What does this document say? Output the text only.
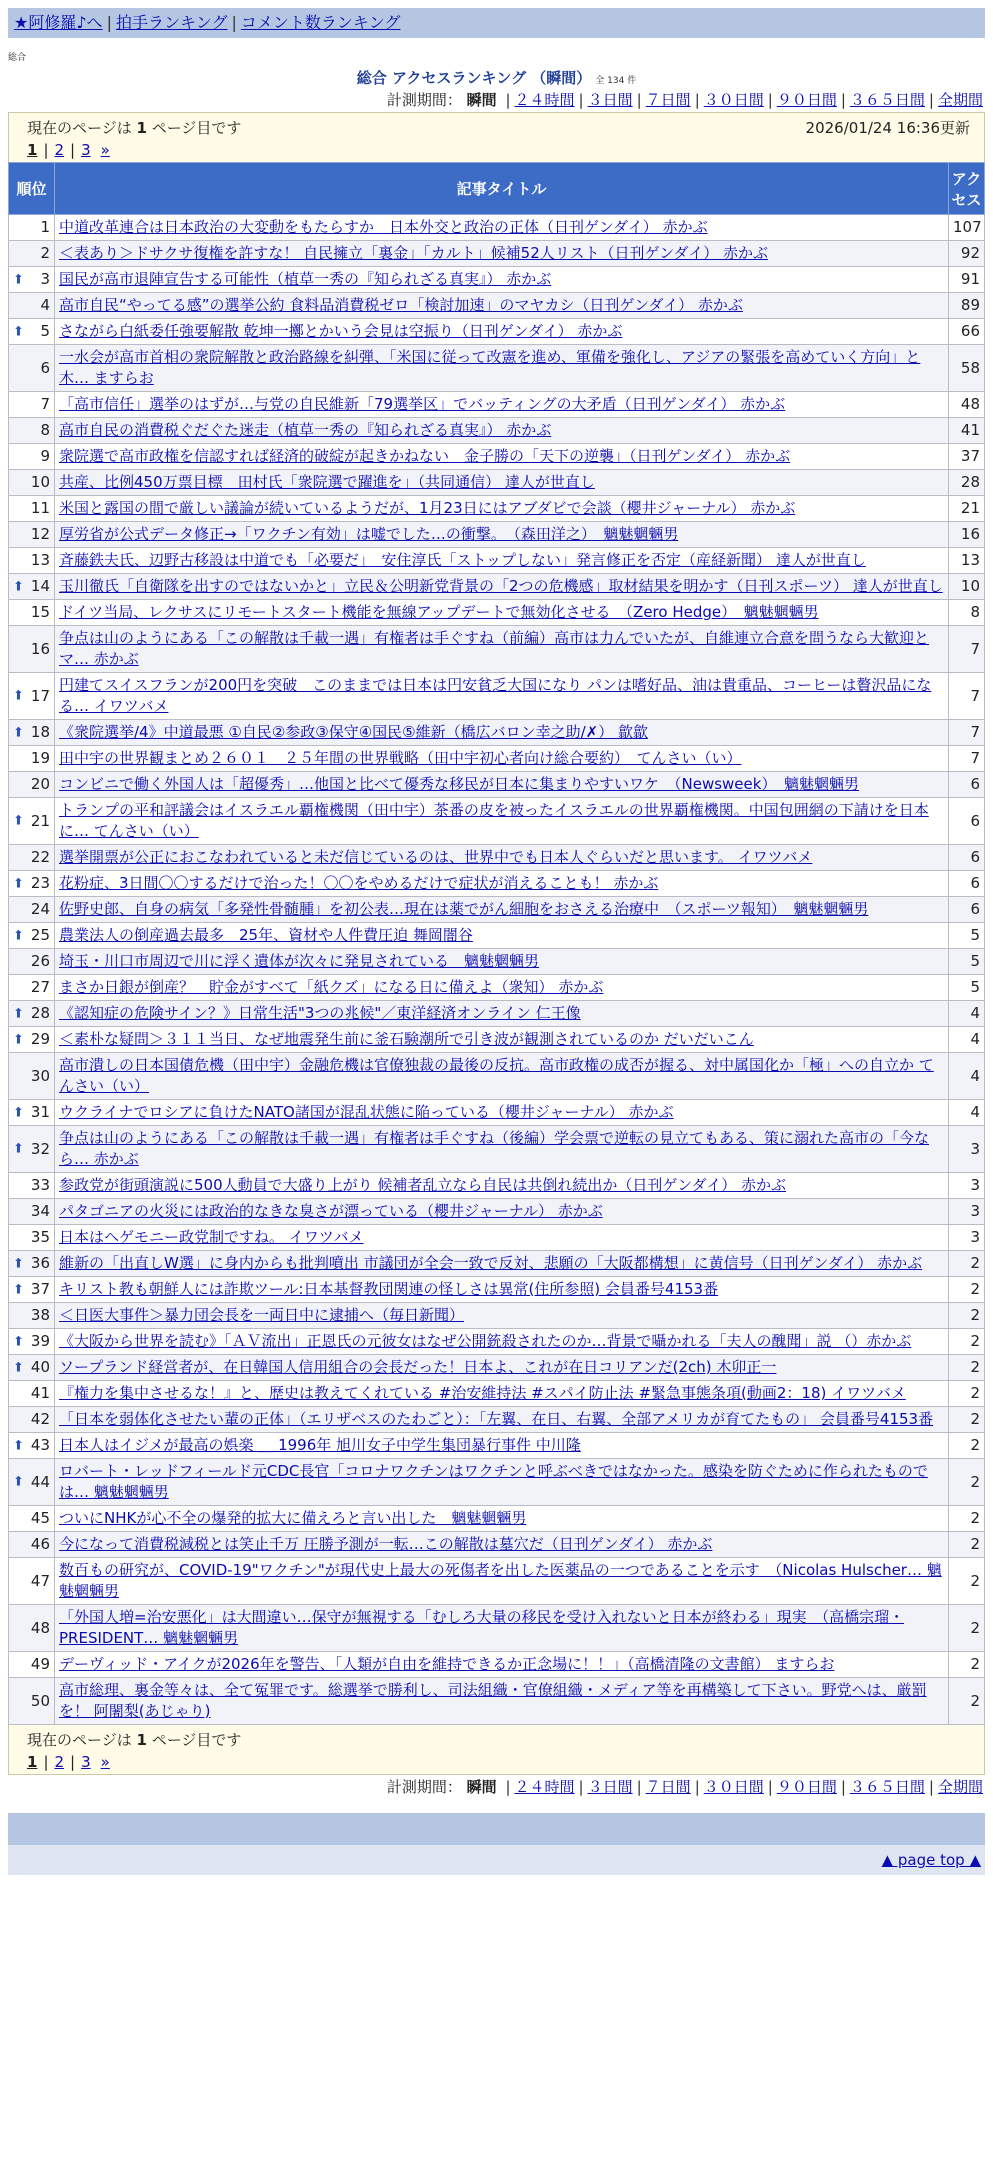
★阿修羅♪へ | 拍手ランキング | コメント数ランキング
総合
総合 アクセスランキング （瞬間） 全 134 件
計測期間： 瞬間 | ２４時間 | ３日間 | ７日間 | ３０日間 | ９０日間 | ３６５日間 | 全期間
現在のページは 1 ページ目です	2026/01/24 16:36更新
1 | 2 | 3 »
順位	記事タイトル	アクセス
1	中道改革連合は日本政治の大変動をもたらすか　日本外交と政治の正体（日刊ゲンダイ） 赤かぶ	107
2	＜表あり＞ドサクサ復権を許すな！ 自民擁立「裏金」「カルト」候補52人リスト（日刊ゲンダイ） 赤かぶ	92

⬆ 3	国民が高市退陣宣告する可能性（植草一秀の『知られざる真実』） 赤かぶ	91
4	高市自民“やってる感”の選挙公約 食料品消費税ゼロ「検討加速」のマヤカシ（日刊ゲンダイ） 赤かぶ	89

⬆ 5	さながら白紙委任強要解散 乾坤一擲とかいう会見は空振り（日刊ゲンダイ） 赤かぶ	66
6	一水会が高市首相の衆院解散と政治路線を糾弾、「米国に従って改憲を進め、軍備を強化し、アジアの緊張を高めていく方向」と木… ますらお	58
7	「高市信任」選挙のはずが…与党の自民維新「79選挙区」でバッティングの大矛盾（日刊ゲンダイ） 赤かぶ	48
8	高市自民の消費税ぐだぐた迷走（植草一秀の『知られざる真実』） 赤かぶ	41
9	衆院選で高市政権を信認すれば経済的破綻が起きかねない　金子勝の「天下の逆襲」（日刊ゲンダイ） 赤かぶ	37
10	共産、比例450万票目標　田村氏「衆院選で躍進を」（共同通信） 達人が世直し	28
11	米国と露国の間で厳しい議論が続いているようだが、1月23日にはアブダビで会談（櫻井ジャーナル） 赤かぶ	21
12	厚労省が公式データ修正→「ワクチン有効」は嘘でした…の衝撃。　（森田洋之）　魑魅魍魎男	16
13	斉藤鉄夫氏、辺野古移設は中道でも「必要だ」　安住淳氏「ストップしない」発言修正を否定（産経新聞） 達人が世直し	13

⬆ 14	玉川徹氏「自衛隊を出すのではないかと」立民＆公明新党背景の「2つの危機感」取材結果を明かす（日刊スポーツ） 達人が世直し	10
15	ドイツ当局、レクサスにリモートスタート機能を無線アップデートで無効化させる　（Zero Hedge）　魑魅魍魎男	8
16	争点は山のようにある「この解散は千載一遇」有権者は手ぐすね（前編）高市は力んでいたが、自維連立合意を問うなら大歓迎とマ… 赤かぶ	7

⬆ 17	円建てスイスフランが200円を突破　このままでは日本は円安貧乏大国になり パンは嗜好品、油は貴重品、コーヒーは贅沢品になる… イワツバメ	7

⬆ 18	《衆院選挙/4》中道最悪 ①自民②参政③保守④国民⑤維新（橋広バロン幸之助/✗） 歙歙	7
19	田中宇の世界観まとめ２６０１　２５年間の世界戦略（田中宇初心者向け総合要約）　てんさい（い）	7
20	コンビニで働く外国人は「超優秀」…他国と比べて優秀な移民が日本に集まりやすいワケ　（Newsweek）　魑魅魍魎男	6

⬆ 21	トランプの平和評議会はイスラエル覇権機関（田中宇）茶番の皮を被ったイスラエルの世界覇権機関。中国包囲網の下請けを日本に… てんさい（い）	6
22	選挙開票が公正におこなわれていると未だ信じているのは、世界中でも日本人ぐらいだと思います。 イワツバメ	6

⬆ 23	花粉症、3日間〇〇するだけで治った！〇〇をやめるだけで症状が消えることも！ 赤かぶ	6
24	佐野史郎、自身の病気「多発性骨髄腫」を初公表…現在は薬でがん細胞をおさえる治療中　（スポーツ報知）　魑魅魍魎男	6

⬆ 25	農業法人の倒産過去最多　25年、資材や人件費圧迫 舞岡闇谷	5
26	埼玉・川口市周辺で川に浮く遺体が次々に発見されている　魑魅魍魎男	5
27	まさか日銀が倒産？　貯金がすべて「紙クズ」になる日に備えよ（衆知） 赤かぶ	5

⬆ 28	《認知症の危険サイン？》日常生活"3つの兆候"／東洋経済オンライン 仁王像	4

⬆ 29	＜素朴な疑問＞３１１当日、なぜ地震発生前に釜石験潮所で引き波が観測されているのか だいだいこん	4
30	高市潰しの日本国債危機（田中宇）金融危機は官僚独裁の最後の反抗。高市政権の成否が握る、対中属国化か「極」への自立か てんさい（い）	4

⬆ 31	ウクライナでロシアに負けたNATO諸国が混乱状態に陥っている（櫻井ジャーナル） 赤かぶ	4

⬆ 32	争点は山のようにある「この解散は千載一遇」有権者は手ぐすね（後編）学会票で逆転の見立てもある、策に溺れた高市の「今なら… 赤かぶ	3
33	参政党が街頭演説に500人動員で大盛り上がり 候補者乱立なら自民は共倒れ続出か（日刊ゲンダイ） 赤かぶ	3
34	パタゴニアの火災には政治的なきな臭さが漂っている（櫻井ジャーナル） 赤かぶ	3
35	日本はヘゲモニー政党制ですね。 イワツバメ	3

⬆ 36	維新の「出直しW選」に身内からも批判噴出 市議団が全会一致で反対、悲願の「大阪都構想」に黄信号（日刊ゲンダイ） 赤かぶ	2

⬆ 37	キリスト教も朝鮮人には詐欺ツール:日本基督教団関連の怪しさは異常(住所参照) 会員番号4153番	2
38	＜日医大事件＞暴力団会長を一両日中に逮捕へ（毎日新聞）	2

⬆ 39	《大阪から世界を読む》「ＡＶ流出」正恩氏の元彼女はなぜ公開銃殺されたのか…背景で囁かれる「夫人の醜聞」説 （）赤かぶ	2

⬆ 40	ソープランド経営者が、在日韓国人信用組合の会長だった！日本よ、これが在日コリアンだ(2ch) 木卯正一	2
41	『権力を集中させるな！』と、歴史は教えてくれている #治安維持法 #スパイ防止法 #緊急事態条項(動画2：18) イワツバメ	2
42	「日本を弱体化させたい輩の正体」（エリザベスのたわごと）：「左翼、在日、右翼、全部アメリカが育てたもの」 会員番号4153番	2

⬆ 43	日本人はイジメが最高の娯楽 ＿ 1996年 旭川女子中学生集団暴行事件 中川隆	2

⬆ 44	ロバート・レッドフィールド元CDC長官「コロナワクチンはワクチンと呼ぶべきではなかった。感染を防ぐために作られたものでは… 魑魅魍魎男	2
45	ついにNHKが心不全の爆発的拡大に備えろと言い出した　魑魅魍魎男	2
46	今になって消費税減税とは笑止千万 圧勝予測が一転…この解散は墓穴だ（日刊ゲンダイ） 赤かぶ	2
47	数百もの研究が、COVID-19"ワクチン"が現代史上最大の死傷者を出した医薬品の一つであることを示す　（Nicolas Hulscher… 魑魅魍魎男	2
48	「外国人増=治安悪化」は大間違い…保守が無視する「むしろ大量の移民を受け入れないと日本が終わる」現実　（高橋宗瑠・PRESIDENT… 魑魅魍魎男	2
49	デーヴィッド・アイクが2026年を警告、「人類が自由を維持できるか正念場に！！」（高橋清隆の文書館） ますらお	2
50	高市総理、裏金等々は、全て冤罪です。総選挙で勝利し、司法組織・官僚組織・メディア等を再構築して下さい。野党へは、厳罰を！ 阿闍梨(あじゃり)	2
現在のページは 1 ページ目です
1 | 2 | 3 »
計測期間： 瞬間 | ２４時間 | ３日間 | ７日間 | ３０日間 | ９０日間 | ３６５日間 | 全期間
▲ page top ▲
